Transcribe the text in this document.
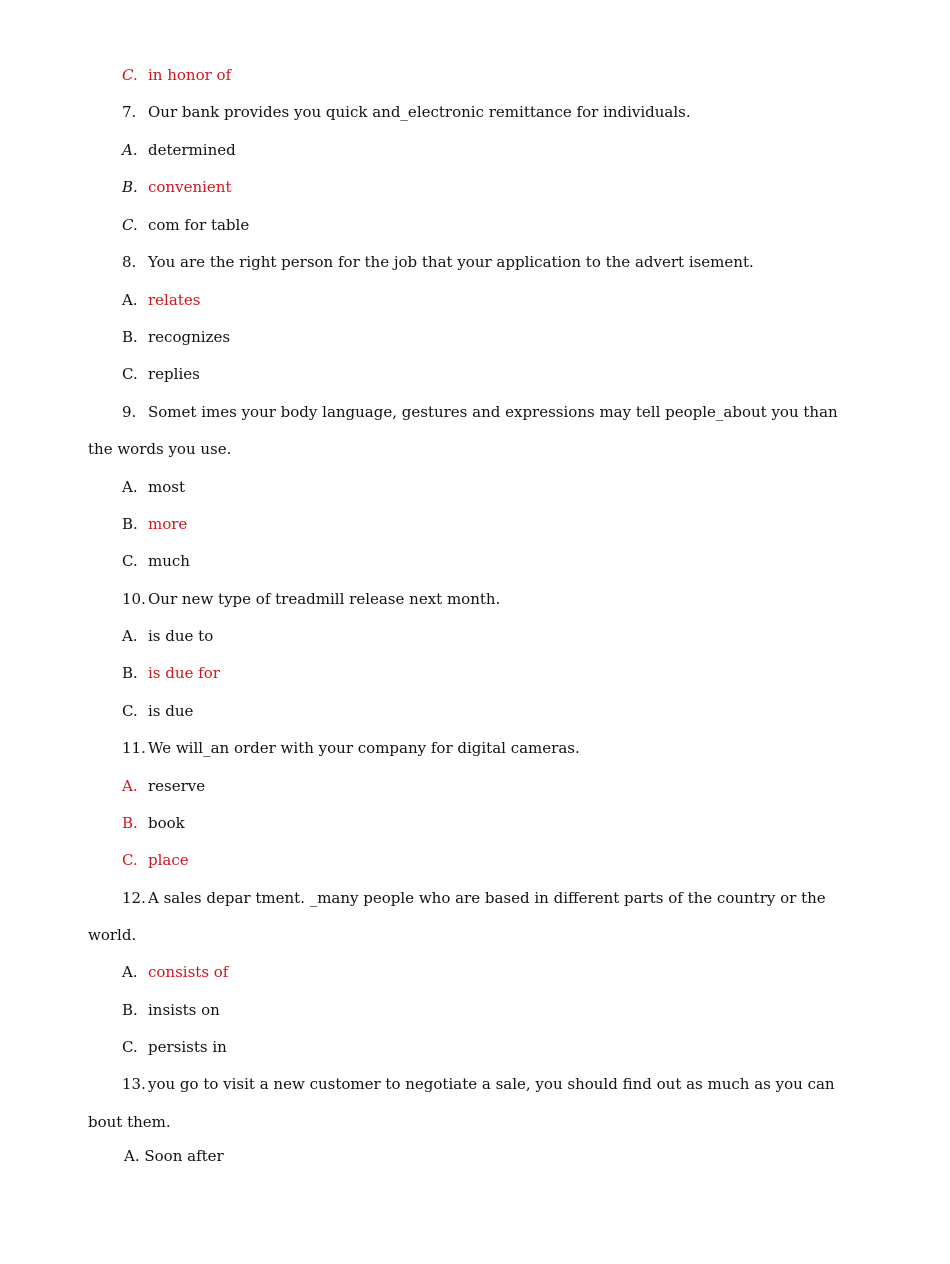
C. in honor of
7. Our bank provides you quick and_electronic remittance for individuals.
A. determined
B. convenient
C. com for table
8. You are the right person for the job that your application to the advert isement.
A. relates
B. recognizes
C. replies
9. Somet imes your body language, gestures and expressions may tell people_about you than
the words you use.
A. most
B. more
C. much
10. Our new type of treadmill release next month.
A. is due to
B. is due for
C. is due
11. We will_an order with your company for digital cameras.
A. reserve
B. book
C. place
12. A sales depar tment. _many people who are based in different parts of the country or the
world.
A. consists of
B. insists on
C. persists in
13. you go to visit a new customer to negotiate a sale, you should find out as much as you can
bout them.
A. Soon after
